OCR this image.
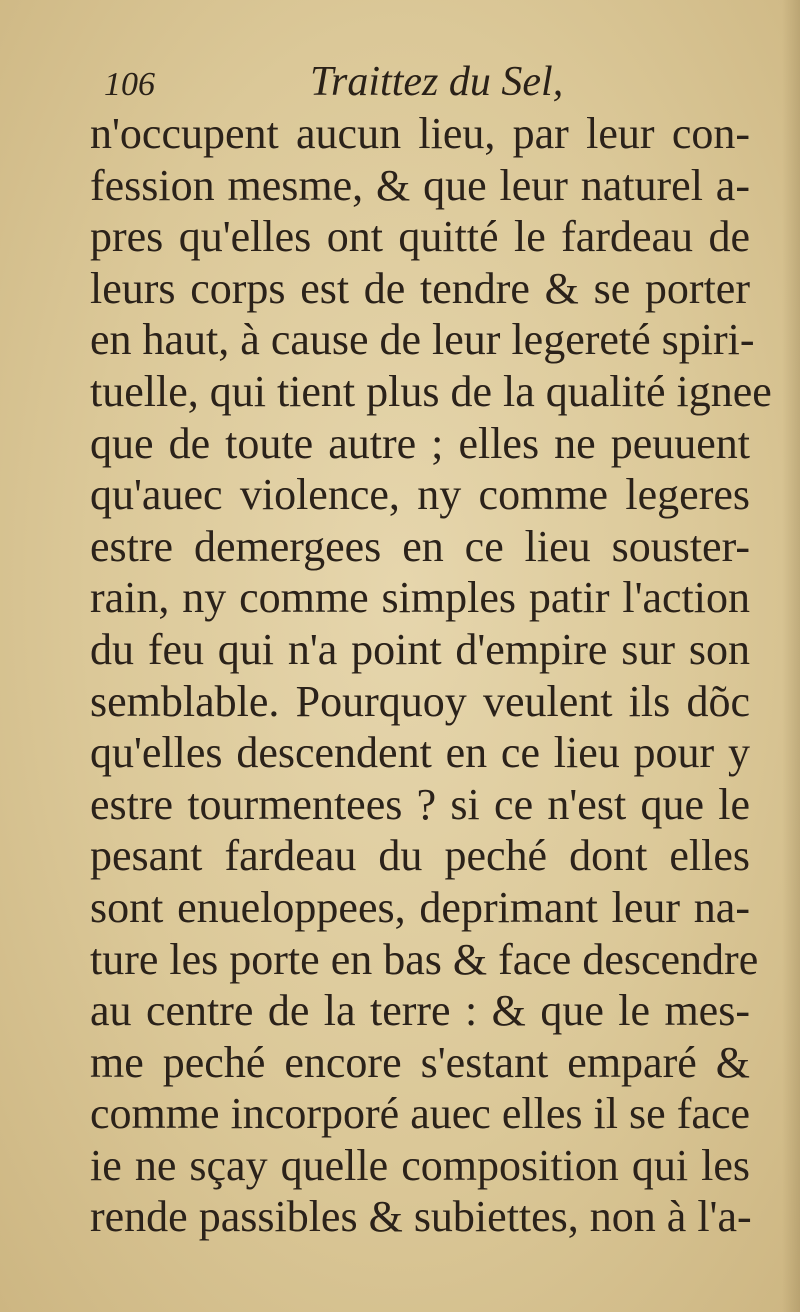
106	Traittez du Sel,
n'occupent aucun lieu, par leur con-
fession mesme, & que leur naturel a-
pres qu'elles ont quitté le fardeau de
leurs corps est de tendre & se porter
en haut, à cause de leur legereté spiri-
tuelle, qui tient plus de la qualité ignee
que de toute autre ; elles ne peuuent
qu'auec violence, ny comme legeres
estre demergees en ce lieu souster-
rain, ny comme simples patir l'action
du feu qui n'a point d'empire sur son
semblable. Pourquoy veulent ils dõc
qu'elles descendent en ce lieu pour y
estre tourmentees ? si ce n'est que le
pesant fardeau du peché dont elles
sont enueloppees, deprimant leur na-
ture les porte en bas & face descendre
au centre de la terre : & que le mes-
me peché encore s'estant emparé &
comme incorporé auec elles il se face
ie ne sçay quelle composition qui les
rende passibles & subiettes, non à l'a-
